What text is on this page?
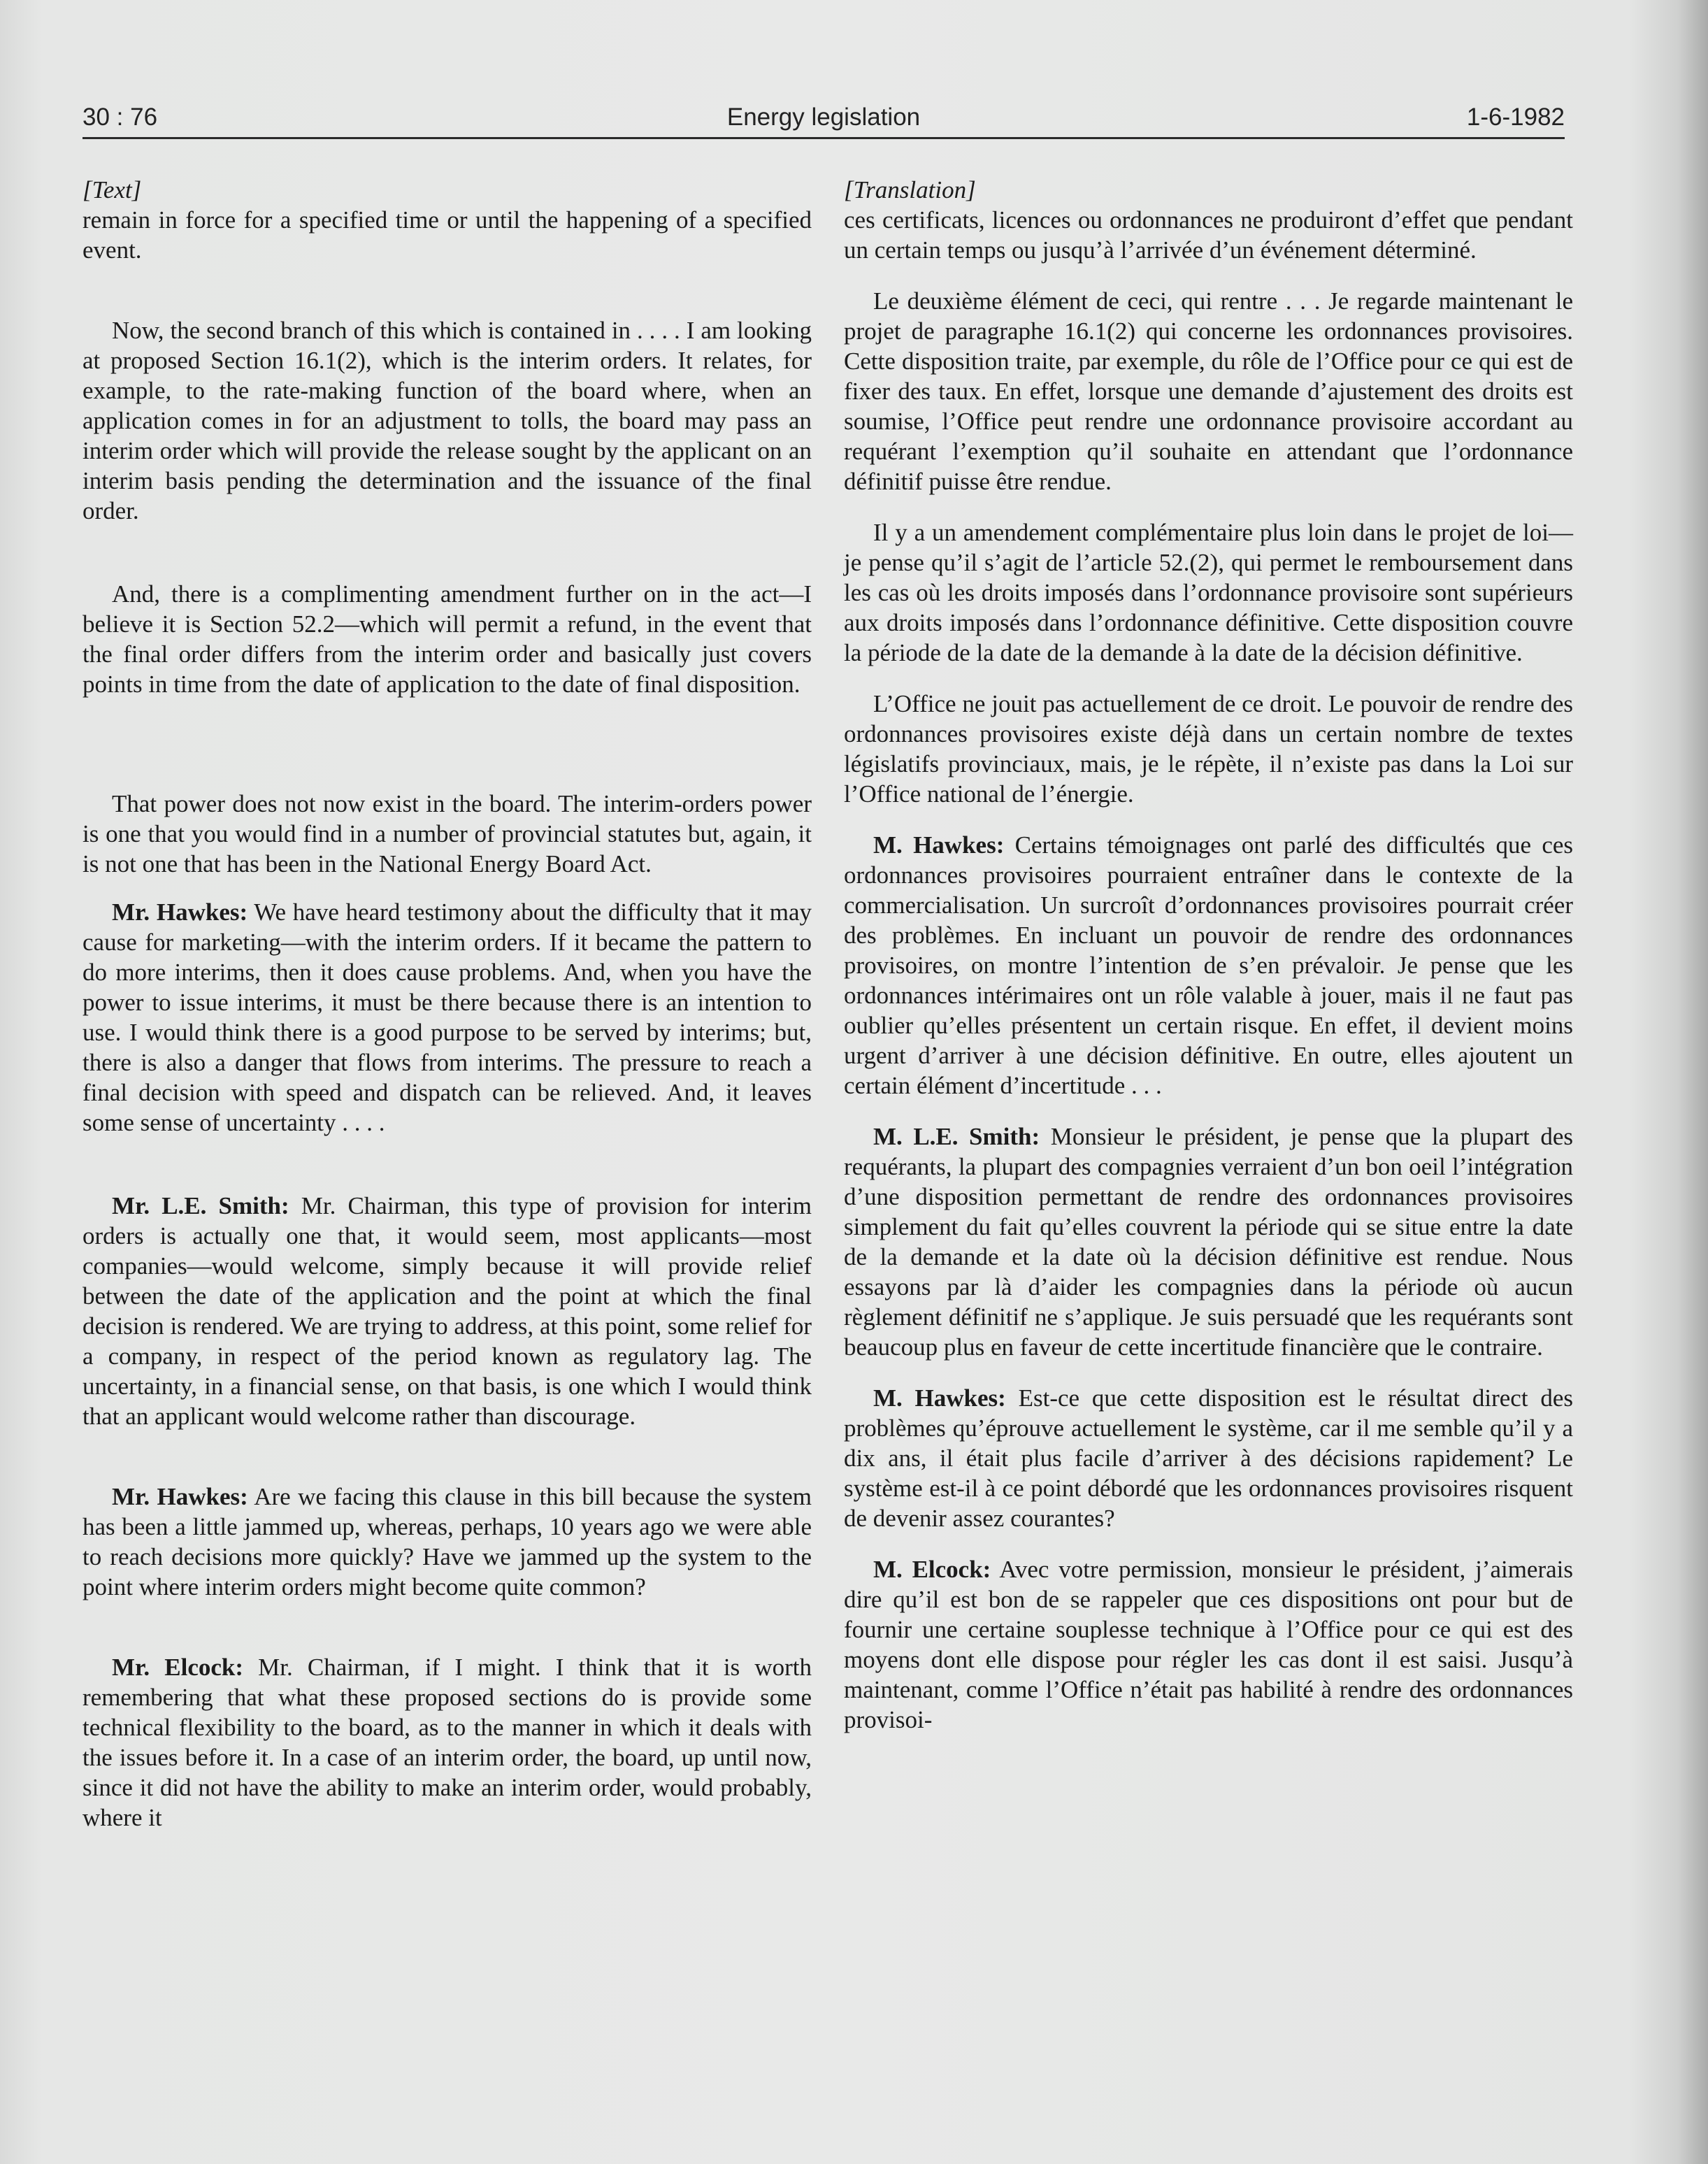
Energy legislation
30 : 76	1-6-1982

[Text]

remain in force for a specified time or until the happening of a specified event.

Now, the second branch of this which is contained in . . . . I am looking at proposed Section 16.1(2), which is the interim orders. It relates, for example, to the rate-making function of the board where, when an application comes in for an adjustment to tolls, the board may pass an interim order which will provide the release sought by the applicant on an interim basis pending the determination and the issuance of the final order.

And, there is a complimenting amendment further on in the act—I believe it is Section 52.2—which will permit a refund, in the event that the final order differs from the interim order and basically just covers points in time from the date of application to the date of final disposition.

That power does not now exist in the board. The interim-orders power is one that you would find in a number of provincial statutes but, again, it is not one that has been in the National Energy Board Act.

Mr. Hawkes: We have heard testimony about the difficulty that it may cause for marketing—with the interim orders. If it became the pattern to do more interims, then it does cause problems. And, when you have the power to issue interims, it must be there because there is an intention to use. I would think there is a good purpose to be served by interims; but, there is also a danger that flows from interims. The pressure to reach a final decision with speed and dispatch can be relieved. And, it leaves some sense of uncertainty . . . .

Mr. L.E. Smith: Mr. Chairman, this type of provision for interim orders is actually one that, it would seem, most applicants—most companies—would welcome, simply because it will provide relief between the date of the application and the point at which the final decision is rendered. We are trying to address, at this point, some relief for a company, in respect of the period known as regulatory lag. The uncertainty, in a financial sense, on that basis, is one which I would think that an applicant would welcome rather than discourage.

Mr. Hawkes: Are we facing this clause in this bill because the system has been a little jammed up, whereas, perhaps, 10 years ago we were able to reach decisions more quickly? Have we jammed up the system to the point where interim orders might become quite common?

Mr. Elcock: Mr. Chairman, if I might. I think that it is worth remembering that what these proposed sections do is provide some technical flexibility to the board, as to the manner in which it deals with the issues before it. In a case of an interim order, the board, up until now, since it did not have the ability to make an interim order, would probably, where it

[Translation]

ces certificats, licences ou ordonnances ne produiront d’effet que pendant un certain temps ou jusqu’à l’arrivée d’un événement déterminé.

Le deuxième élément de ceci, qui rentre . . . Je regarde maintenant le projet de paragraphe 16.1(2) qui concerne les ordonnances provisoires. Cette disposition traite, par exemple, du rôle de l’Office pour ce qui est de fixer des taux. En effet, lorsque une demande d’ajustement des droits est soumise, l’Office peut rendre une ordonnance provisoire accordant au requérant l’exemption qu’il souhaite en attendant que l’ordonnance définitif puisse être rendue.

Il y a un amendement complémentaire plus loin dans le projet de loi—je pense qu’il s’agit de l’article 52.(2), qui permet le remboursement dans les cas où les droits imposés dans l’ordonnance provisoire sont supérieurs aux droits imposés dans l’ordonnance définitive. Cette disposition couvre la période de la date de la demande à la date de la décision définitive.

L’Office ne jouit pas actuellement de ce droit. Le pouvoir de rendre des ordonnances provisoires existe déjà dans un certain nombre de textes législatifs provinciaux, mais, je le répète, il n’existe pas dans la Loi sur l’Office national de l’énergie.

M. Hawkes: Certains témoignages ont parlé des difficultés que ces ordonnances provisoires pourraient entraîner dans le contexte de la commercialisation. Un surcroît d’ordonnances provisoires pourrait créer des problèmes. En incluant un pouvoir de rendre des ordonnances provisoires, on montre l’intention de s’en prévaloir. Je pense que les ordonnances intérimaires ont un rôle valable à jouer, mais il ne faut pas oublier qu’elles présentent un certain risque. En effet, il devient moins urgent d’arriver à une décision définitive. En outre, elles ajoutent un certain élément d’incertitude . . .

M. L.E. Smith: Monsieur le président, je pense que la plupart des requérants, la plupart des compagnies verraient d’un bon oeil l’intégration d’une disposition permettant de rendre des ordonnances provisoires simplement du fait qu’elles couvrent la période qui se situe entre la date de la demande et la date où la décision définitive est rendue. Nous essayons par là d’aider les compagnies dans la période où aucun règlement définitif ne s’applique. Je suis persuadé que les requérants sont beaucoup plus en faveur de cette incertitude financière que le contraire.

M. Hawkes: Est-ce que cette disposition est le résultat direct des problèmes qu’éprouve actuellement le système, car il me semble qu’il y a dix ans, il était plus facile d’arriver à des décisions rapidement? Le système est-il à ce point débordé que les ordonnances provisoires risquent de devenir assez courantes?

M. Elcock: Avec votre permission, monsieur le président, j’aimerais dire qu’il est bon de se rappeler que ces dispositions ont pour but de fournir une certaine souplesse technique à l’Office pour ce qui est des moyens dont elle dispose pour régler les cas dont il est saisi. Jusqu’à maintenant, comme l’Office n’était pas habilité à rendre des ordonnances provisoi-
